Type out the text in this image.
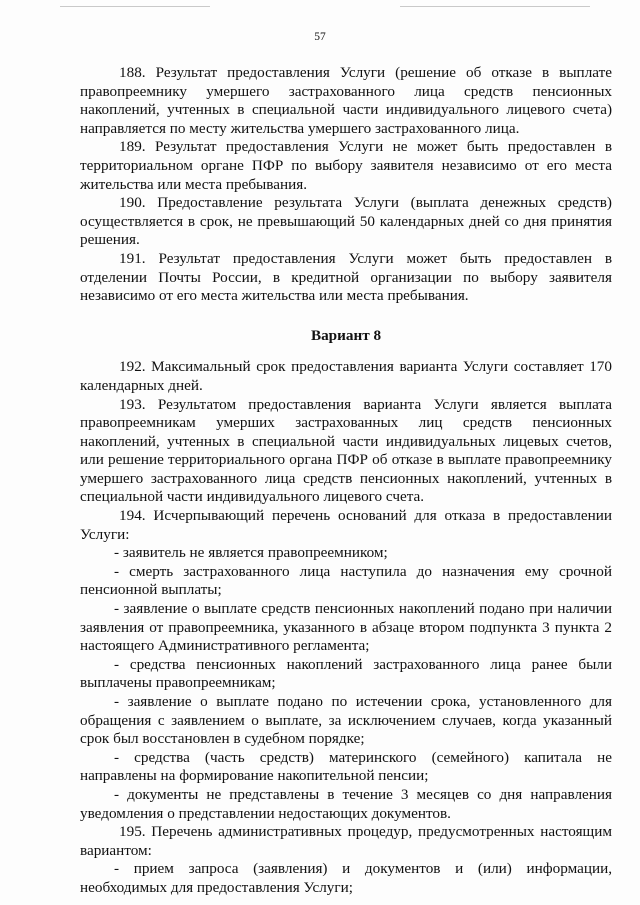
57

188. Результат предоставления Услуги (решение об отказе в выплате правопреемнику умершего застрахованного лица средств пенсионных накоплений, учтенных в специальной части индивидуального лицевого счета) направляется по месту жительства умершего застрахованного лица.

189. Результат предоставления Услуги не может быть предоставлен в территориальном органе ПФР по выбору заявителя независимо от его места жительства или места пребывания.

190. Предоставление результата Услуги (выплата денежных средств) осуществляется в срок, не превышающий 50 календарных дней со дня принятия решения.

191. Результат предоставления Услуги может быть предоставлен в отделении Почты России, в кредитной организации по выбору заявителя независимо от его места жительства или места пребывания.

Вариант 8

192. Максимальный срок предоставления варианта Услуги составляет 170 календарных дней.

193. Результатом предоставления варианта Услуги является выплата правопреемникам умерших застрахованных лиц средств пенсионных накоплений, учтенных в специальной части индивидуальных лицевых счетов, или решение территориального органа ПФР об отказе в выплате правопреемнику умершего застрахованного лица средств пенсионных накоплений, учтенных в специальной части индивидуального лицевого счета.

194. Исчерпывающий перечень оснований для отказа в предоставлении Услуги:

- заявитель не является правопреемником;

- смерть застрахованного лица наступила до назначения ему срочной пенсионной выплаты;

- заявление о выплате средств пенсионных накоплений подано при наличии заявления от правопреемника, указанного в абзаце втором подпункта 3 пункта 2 настоящего Административного регламента;

- средства пенсионных накоплений застрахованного лица ранее были выплачены правопреемникам;

- заявление о выплате подано по истечении срока, установленного для обращения с заявлением о выплате, за исключением случаев, когда указанный срок был восстановлен в судебном порядке;

- средства (часть средств) материнского (семейного) капитала не направлены на формирование накопительной пенсии;

- документы не представлены в течение 3 месяцев со дня направления уведомления о представлении недостающих документов.

195. Перечень административных процедур, предусмотренных настоящим вариантом:

- прием запроса (заявления) и документов и (или) информации, необходимых для предоставления Услуги;
